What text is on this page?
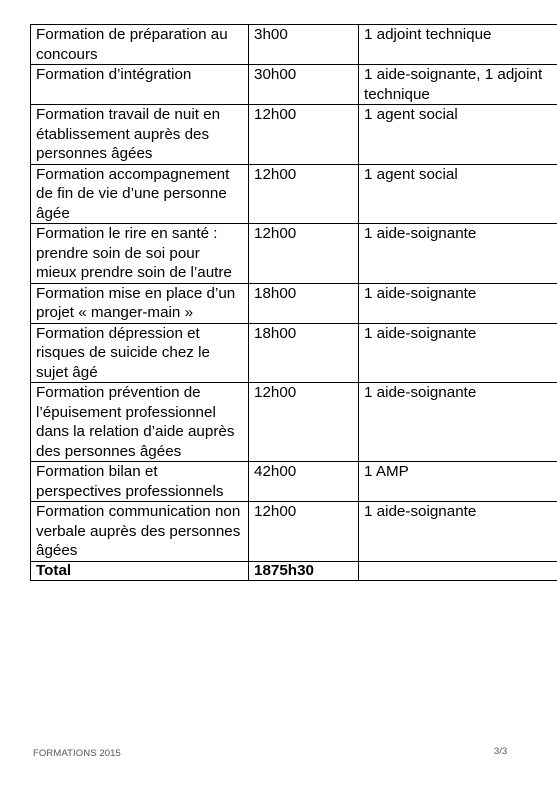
Formation de préparation au concours	3h00	1 adjoint technique
Formation d’intégration	30h00	1 aide-soignante, 1 adjoint technique
Formation travail de nuit en établissement auprès des personnes âgées	12h00	1 agent social
Formation accompagnement de fin de vie d’une personne âgée	12h00	1 agent social
Formation le rire en santé : prendre soin de soi pour mieux prendre soin de l’autre	12h00	1 aide-soignante
Formation mise en place d’un projet « manger-main »	18h00	1 aide-soignante
Formation dépression et risques de suicide chez le sujet âgé	18h00	1 aide-soignante
Formation prévention de l’épuisement professionnel dans la relation d’aide auprès des personnes âgées	12h00	1 aide-soignante
Formation bilan et perspectives professionnels	42h00	1 AMP
Formation communication non verbale auprès des personnes âgées	12h00	1 aide-soignante
Total	1875h30	
FORMATIONS 2015	3/3
